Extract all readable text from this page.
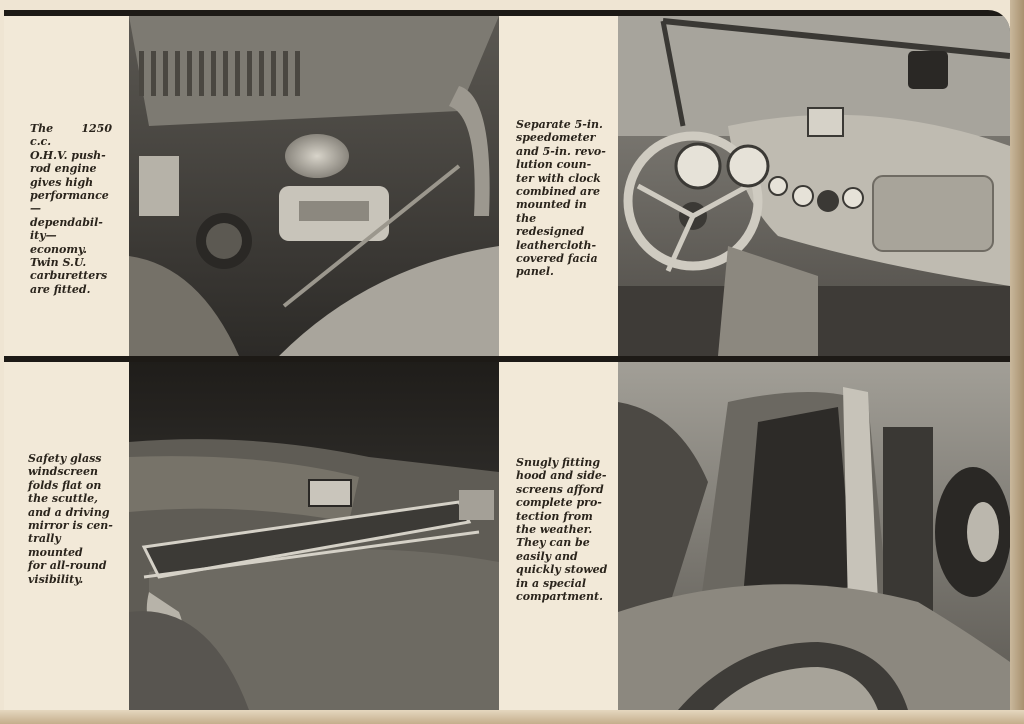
The 1250 c.c.
O.H.V. push-
rod engine
gives high
performance
—dependabil-
ity—economy.
Twin S.U.
carburetters
are fitted.
Separate 5-in.
speedometer
and 5-in. revo-
lution coun-
ter with clock
combined are
mounted in
the redesigned
leathercloth-
covered facia
panel.
Safety glass
windscreen
folds flat on
the scuttle,
and a driving
mirror is cen-
trally mounted
for all-round
visibility.
Snugly fitting
hood and side-
screens afford
complete pro-
tection from
the weather.
They can be
easily and
quickly stowed
in a special
compartment.
